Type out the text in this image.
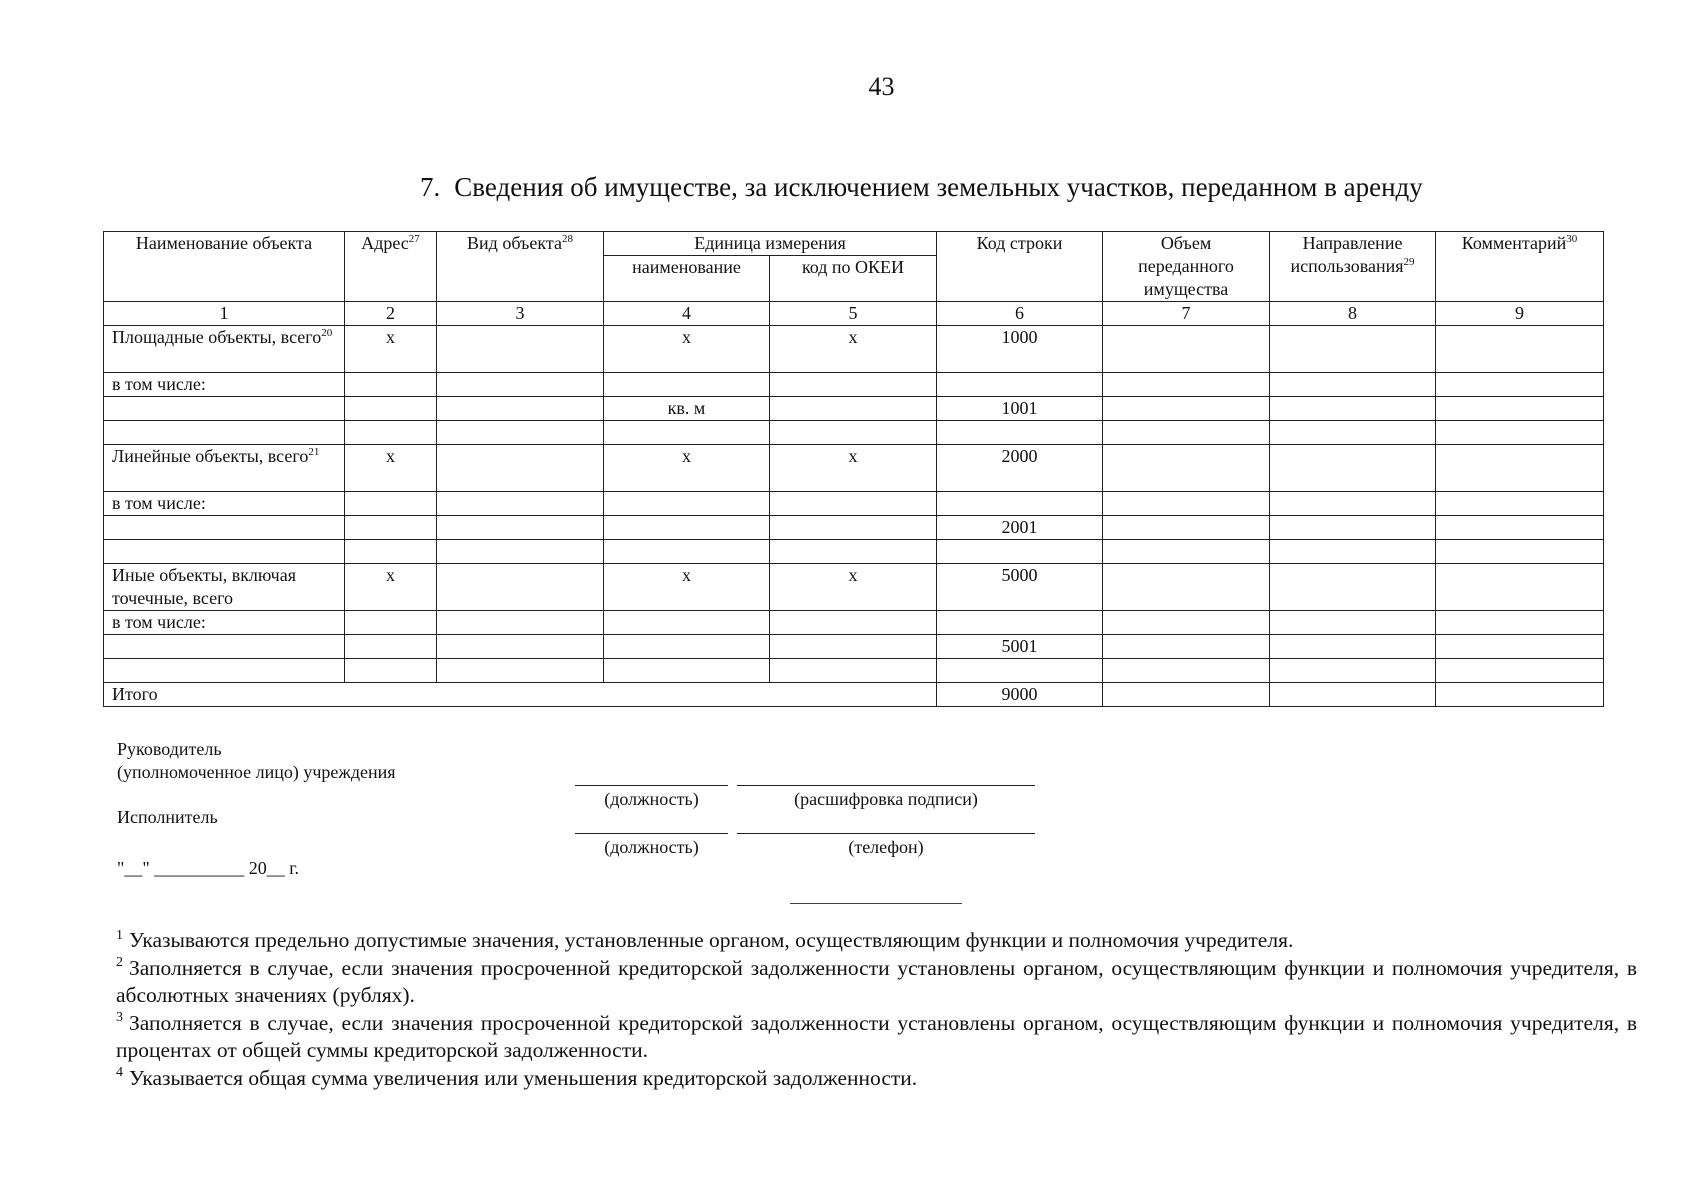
43
7. Сведения об имуществе, за исключением земельных участков, переданном в аренду
Наименование объекта	Адрес$^{27}$	Вид объекта$^{28}$	Единица измерения		Код строки	Объем переданного имущества	Направление использования$^{29}$	Комментарий$^{30}$
			наименование	код по ОКЕИ				
1	2	3	4	5	6	7	8	9
Площадные объекты, всего$^{20}$	х		х	х	1000			
в том числе:								
			кв. м		1001			

Линейные объекты, всего$^{21}$	х		х	х	2000			
в том числе:								
					2001			

Иные объекты, включая точечные, всего	х		х	х	5000			
в том числе:								
					5001			

Итого					9000			
Руководитель
(уполномоченное лицо) учреждения
Исполнитель
(должность)	(расшифровка подписи)
(должность)	(телефон)
"__" __________ 20__ г.
$^1$ Указываются предельно допустимые значения, установленные органом, осуществляющим функции и полномочия учредителя.
$^2$ Заполняется в случае, если значения просроченной кредиторской задолженности установлены органом, осуществляющим функции и полномочия учредителя, в абсолютных значениях (рублях).
$^3$ Заполняется в случае, если значения просроченной кредиторской задолженности установлены органом, осуществляющим функции и полномочия учредителя, в процентах от общей суммы кредиторской задолженности.
$^4$ Указывается общая сумма увеличения или уменьшения кредиторской задолженности.
